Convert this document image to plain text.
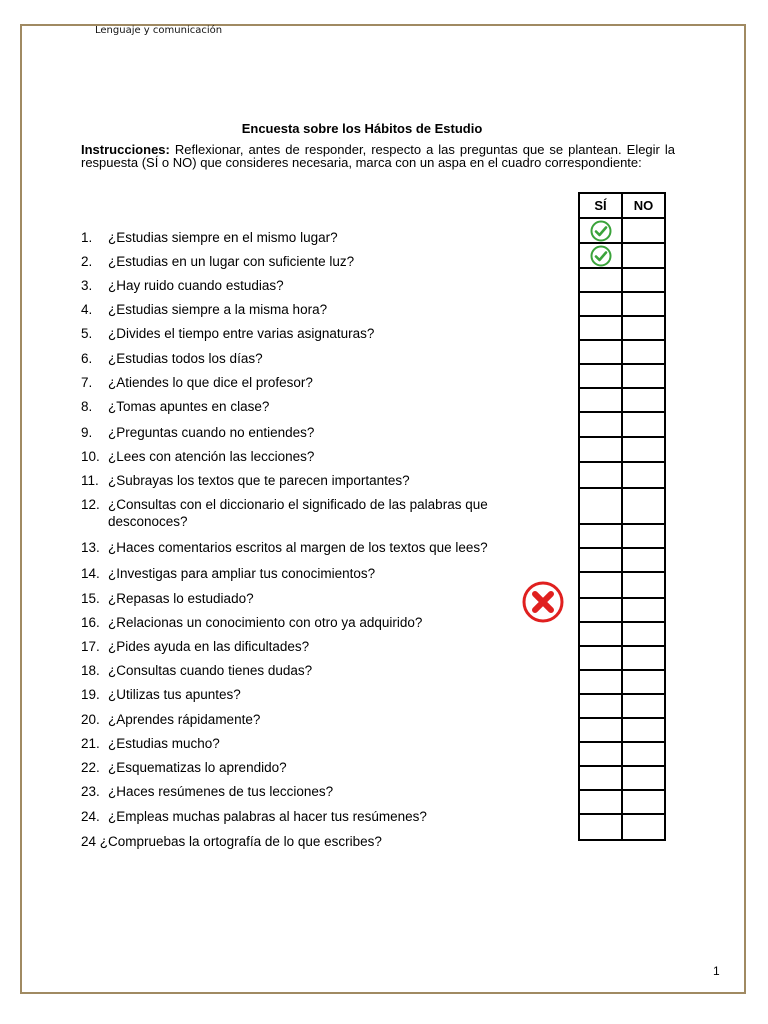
Lenguaje y comunicación
Encuesta sobre los Hábitos de Estudio
Instrucciones: Reflexionar, antes de responder, respecto a las preguntas que se plantean. Elegir la respuesta (SÍ o NO) que consideres necesaria, marca con un aspa en el cuadro correspondiente:
1. ¿Estudias siempre en el mismo lugar?
2. ¿Estudias en un lugar con suficiente luz?
3. ¿Hay ruido cuando estudias?
4. ¿Estudias siempre a la misma hora?
5. ¿Divides el tiempo entre varias asignaturas?
6. ¿Estudias todos los días?
7. ¿Atiendes lo que dice el profesor?
8. ¿Tomas apuntes en clase?
9. ¿Preguntas cuando no entiendes?
10. ¿Lees con atención las lecciones?
11. ¿Subrayas los textos que te parecen importantes?
12. ¿Consultas con el diccionario el significado de las palabras que desconoces?
13. ¿Haces comentarios escritos al margen de los textos que lees?
14. ¿Investigas para ampliar tus conocimientos?
15. ¿Repasas lo estudiado?
16. ¿Relacionas un conocimiento con otro ya adquirido?
17. ¿Pides ayuda en las dificultades?
18. ¿Consultas cuando tienes dudas?
19. ¿Utilizas tus apuntes?
20. ¿Aprendes rápidamente?
21. ¿Estudias mucho?
22. ¿Esquematizas lo aprendido?
23. ¿Haces resúmenes de tus lecciones?
24. ¿Empleas muchas palabras al hacer tus resúmenes?
24 ¿Compruebas la ortografía de lo que escribes?
SÍ	NO

1
